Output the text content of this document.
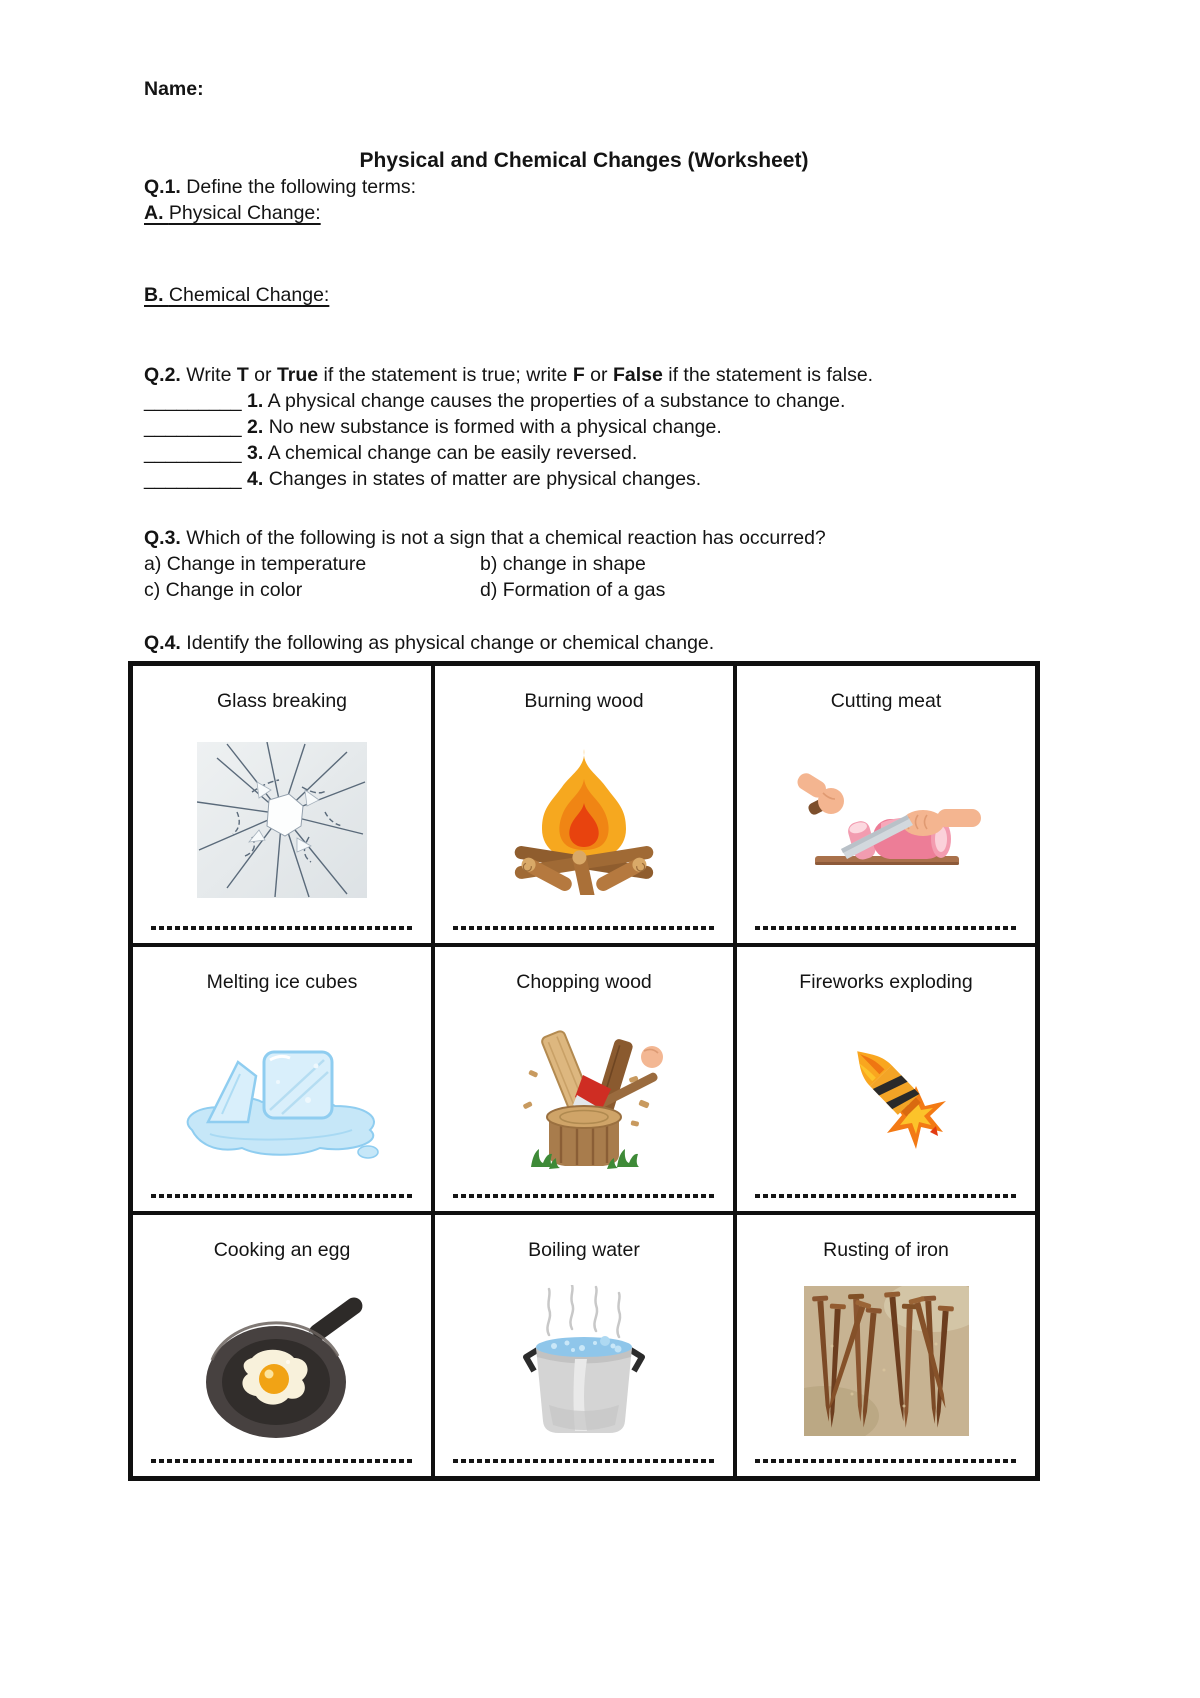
Name:
Physical and Chemical Changes (Worksheet)
Q.1. Define the following terms:
A. Physical Change:
B. Chemical Change:
Q.2. Write T or True if the statement is true; write F or False if the statement is false.
_________ 1. A physical change causes the properties of a substance to change.
_________ 2. No new substance is formed with a physical change.
_________ 3. A chemical change can be easily reversed.
_________ 4. Changes in states of matter are physical changes.
Q.3. Which of the following is not a sign that a chemical reaction has occurred?
a) Change in temperature	b) change in shape
c) Change in color	d) Formation of a gas
Q.4. Identify the following as physical change or chemical change.
Glass breaking	Burning wood	Cutting meat
Melting ice cubes	Chopping wood	Fireworks exploding
Cooking an egg	Boiling water	Rusting of iron
